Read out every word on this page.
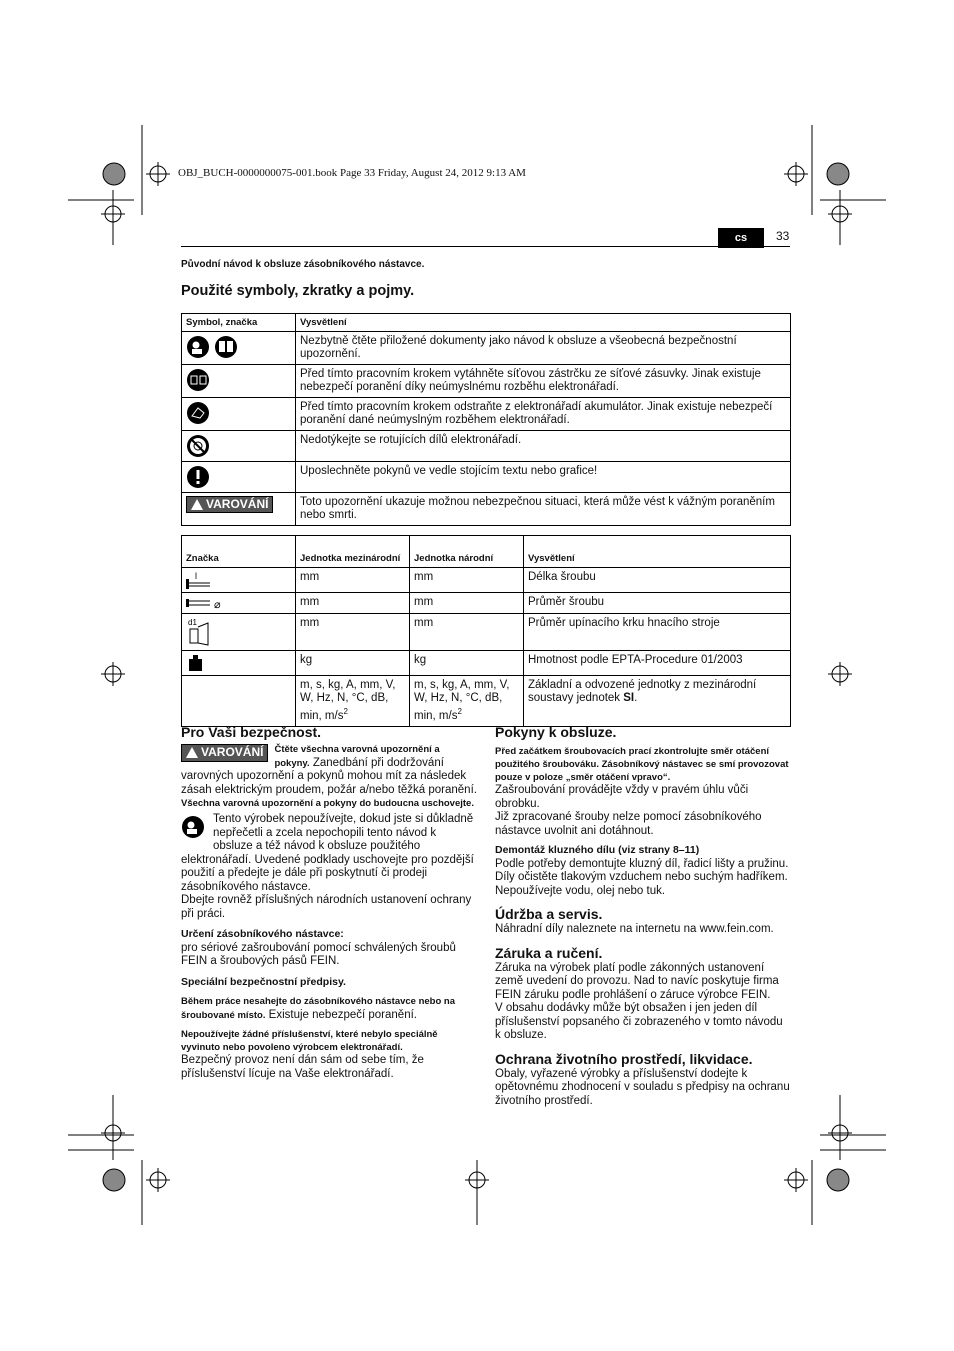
OBJ_BUCH-0000000075-001.book Page 33 Friday, August 24, 2012 9:13 AM
cs	33
Původní návod k obsluze zásobníkového nástavce.
Použité symboly, zkratky a pojmy.
Symbol, značka	Vysvětlení
	Nezbytně čtěte přiložené dokumenty jako návod k obsluze a všeobecná bezpečnostní upozornění.
	Před tímto pracovním krokem vytáhněte síťovou zástrčku ze síťové zásuvky. Jinak existuje nebezpečí poranění díky neúmyslnému rozběhu elektronářadí.
	Před tímto pracovním krokem odstraňte z elektronářadí akumulátor. Jinak existuje nebezpečí poranění dané neúmyslným rozběhem elektronářadí.
	Nedotýkejte se rotujících dílů elektronářadí.
	Uposlechněte pokynů ve vedle stojícím textu nebo grafice!

VAROVÁNÍ	Toto upozornění ukazuje možnou nebezpečnou situaci, která může vést k vážným poraněním nebo smrti.
Značka	Jednotka mezinárodní	Jednotka národní	Vysvětlení

l	mm	mm	Délka šroubu

⌀	mm	mm	Průměr šroubu

d1	mm	mm	Průměr upínacího krku hnacího stroje
	kg	kg	Hmotnost podle EPTA-Procedure 01/2003
	m, s, kg, A, mm, V, W, Hz, N, °C, dB, min, $m/s^2$	m, s, kg, A, mm, V, W, Hz, N, °C, dB, min, $m/s^2$	Základní a odvozené jednotky z mezinárodní soustavy jednotek SI.
Pro Vaši bezpečnost.

VAROVÁNÍ Čtěte všechna varovná upozornění a pokyny. Zanedbání při dodržování varovných upozornění a pokynů mohou mít za následek zásah elektrickým proudem, požár a/nebo těžká poranění.

Všechna varovná upozornění a pokyny do budoucna uschovejte.

Tento výrobek nepoužívejte, dokud jste si důkladně nepřečetli a zcela nepochopili tento návod k obsluze a též návod k obsluze použitého elektronářadí. Uvedené podklady uschovejte pro pozdější použití a předejte je dále při poskytnutí či prodeji zásobníkového nástavce.

Dbejte rovněž příslušných národních ustanovení ochrany při práci.

Určení zásobníkového nástavce:

pro sériové zašroubování pomocí schválených šroubů FEIN a šroubových pásů FEIN.

Speciální bezpečnostní předpisy.

Během práce nesahejte do zásobníkového nástavce nebo na šroubované místo. Existuje nebezpečí poranění.

Nepoužívejte žádné příslušenství, které nebylo speciálně vyvinuto nebo povoleno výrobcem elektronářadí.

Bezpečný provoz není dán sám od sebe tím, že příslušenství lícuje na Vaše elektronářadí.

Pokyny k obsluze.

Před začátkem šroubovacích prací zkontrolujte směr otáčení použitého šroubováku. Zásobníkový nástavec se smí provozovat pouze v poloze „směr otáčení vpravo“.

Zašroubování provádějte vždy v pravém úhlu vůči obrobku.

Již zpracované šrouby nelze pomocí zásobníkového nástavce uvolnit ani dotáhnout.

Demontáž kluzného dílu (viz strany 8–11)

Podle potřeby demontujte kluzný díl, řadicí lišty a pružinu. Díly očistěte tlakovým vzduchem nebo suchým hadříkem. Nepoužívejte vodu, olej nebo tuk.

Údržba a servis.

Náhradní díly naleznete na internetu na www.fein.com.

Záruka a ručení.

Záruka na výrobek platí podle zákonných ustanovení země uvedení do provozu. Nad to navíc poskytuje firma FEIN záruku podle prohlášení o záruce výrobce FEIN.

V obsahu dodávky může být obsažen i jen jeden díl příslušenství popsaného či zobrazeného v tomto návodu k obsluze.

Ochrana životního prostředí, likvidace.

Obaly, vyřazené výrobky a příslušenství dodejte k opětovnému zhodnocení v souladu s předpisy na ochranu životního prostředí.
